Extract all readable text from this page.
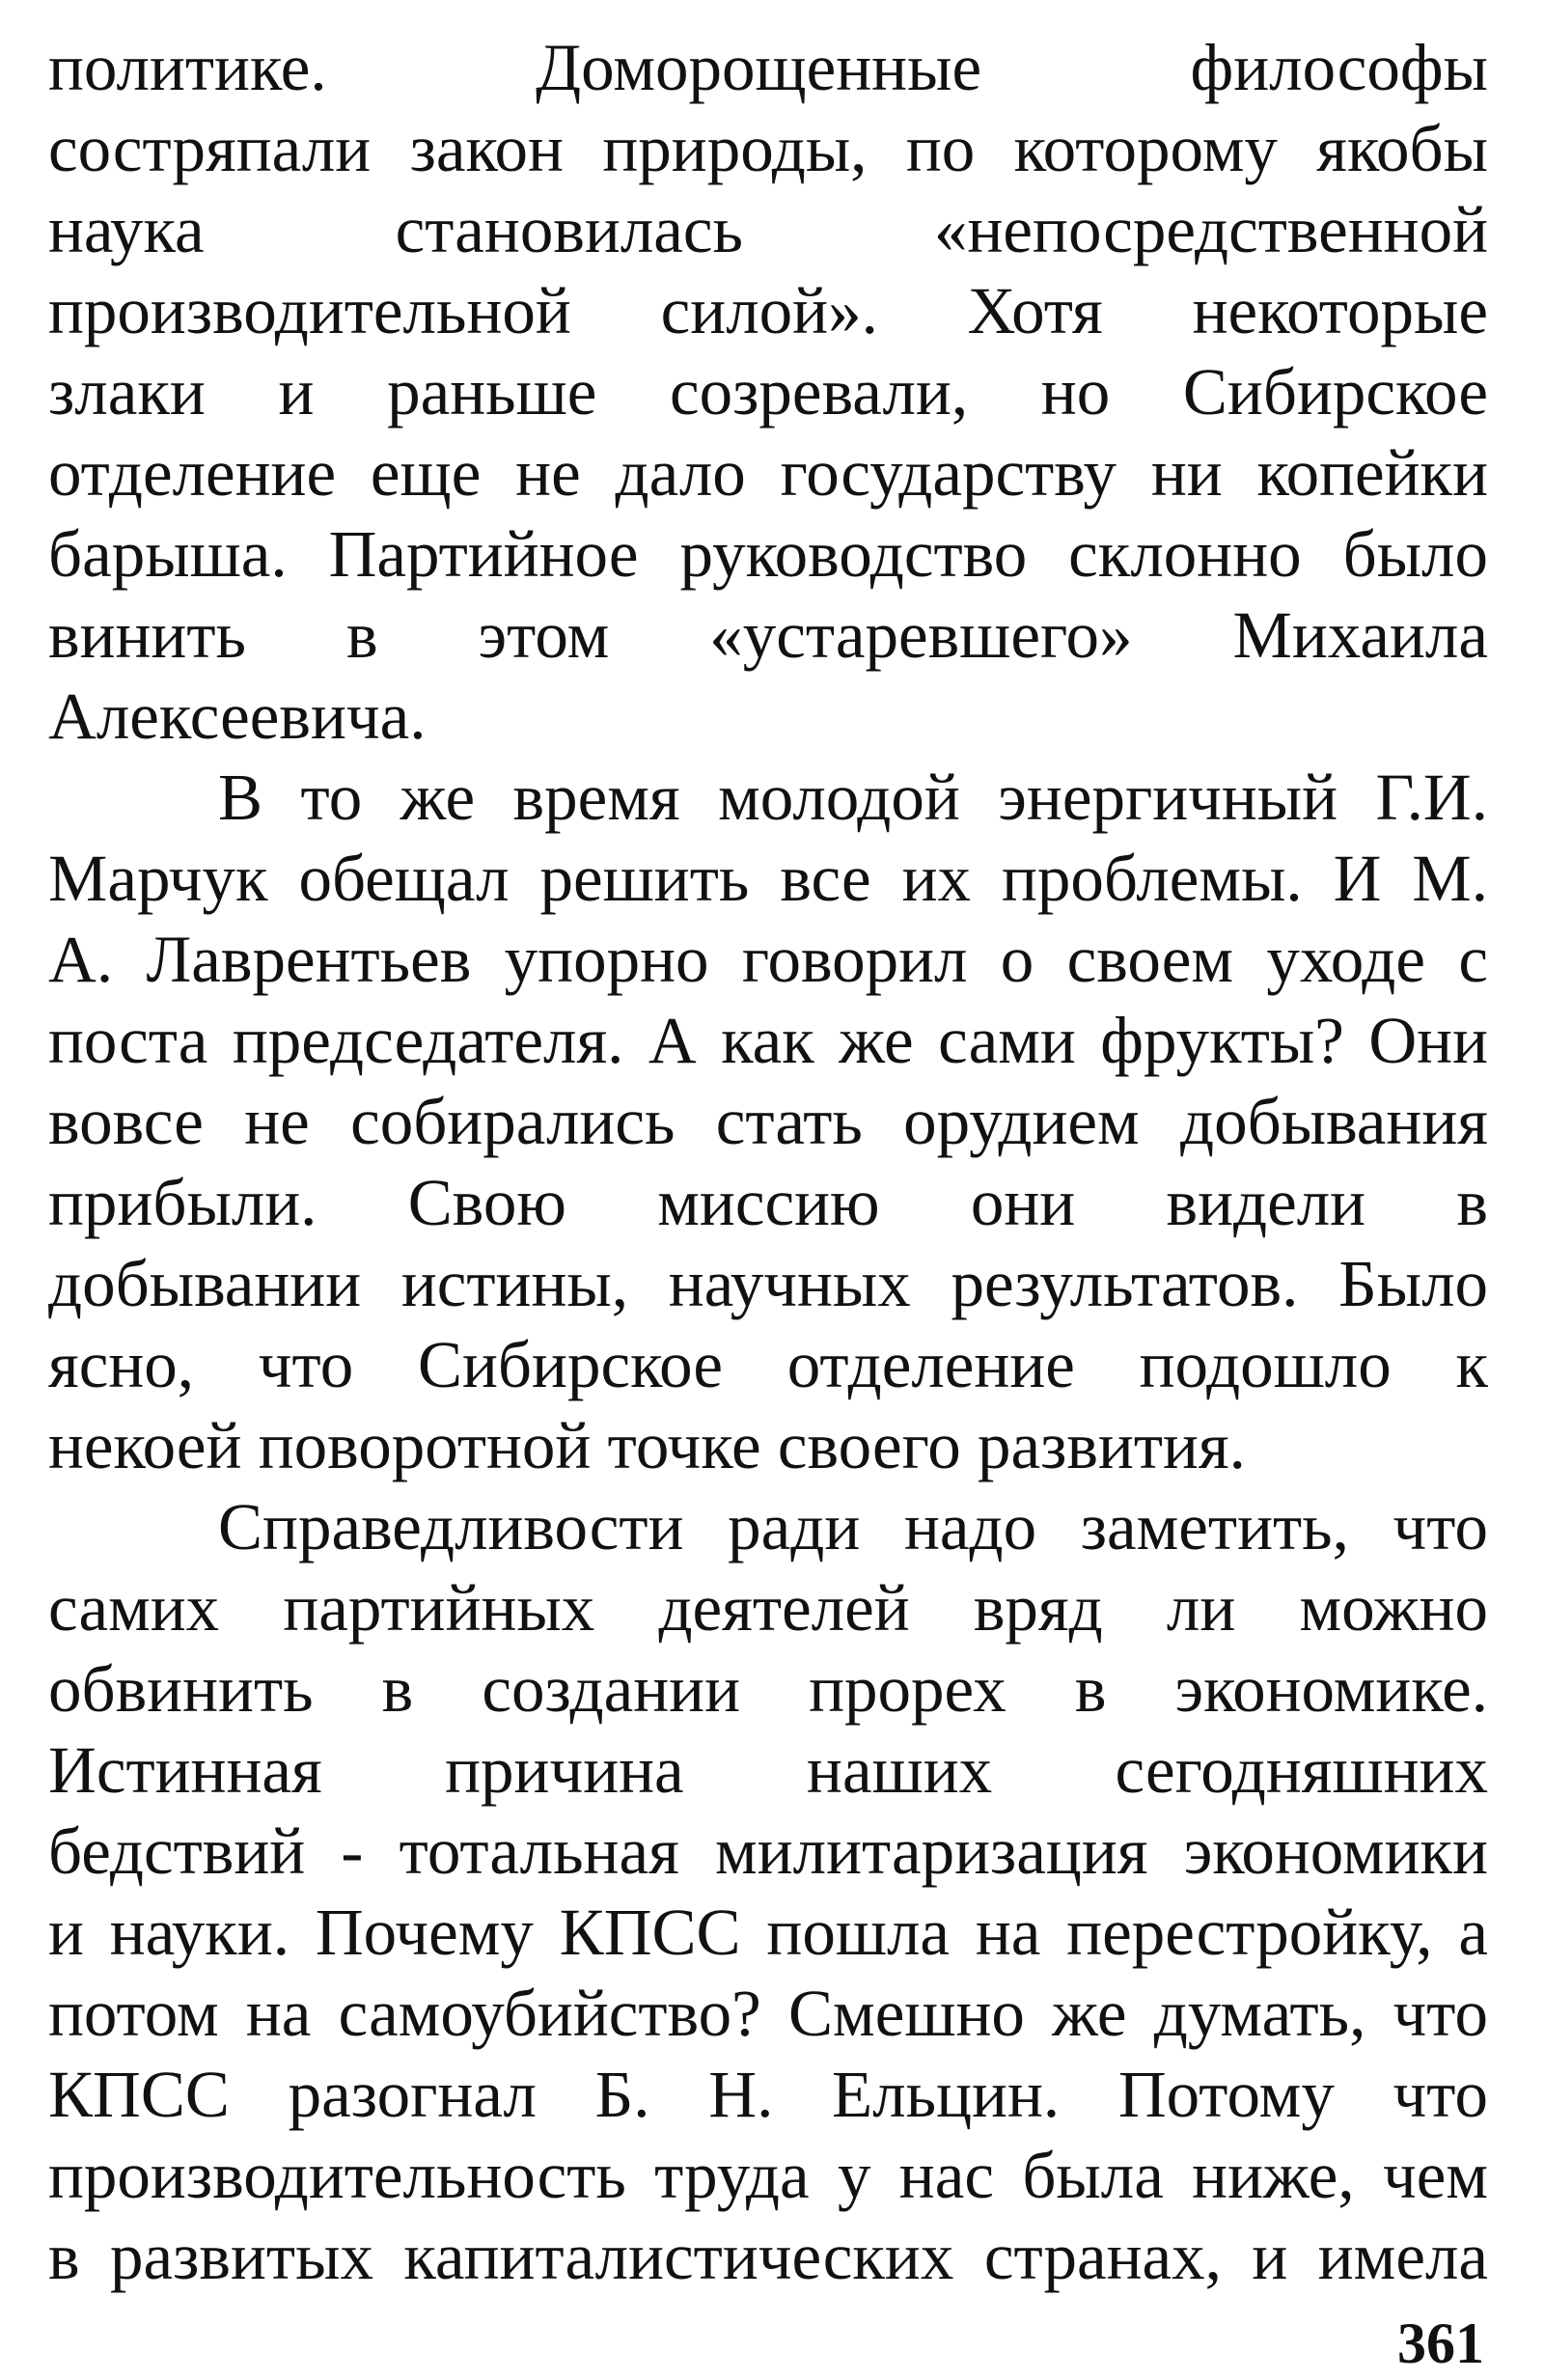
политике. Доморощенные философы
состряпали закон природы, по которому якобы
наука становилась «непосредственной
производительной силой». Хотя некоторые
злаки и раньше созревали, но Сибирское
отделение еще не дало государству ни копейки
барыша. Партийное руководство склонно было
винить в этом «устаревшего» Михаила
Алексеевича.
В то же время молодой энергичный Г.И.
Марчук обещал решить все их проблемы. И М.
А. Лаврентьев упорно говорил о своем уходе с
поста председателя. А как же сами фрукты? Они
вовсе не собирались стать орудием добывания
прибыли. Свою миссию они видели в
добывании истины, научных результатов. Было
ясно, что Сибирское отделение подошло к
некоей поворотной точке своего развития.
Справедливости ради надо заметить, что
самих партийных деятелей вряд ли можно
обвинить в создании прорех в экономике.
Истинная причина наших сегодняшних
бедствий - тотальная милитаризация экономики
и науки. Почему КПСС пошла на перестройку, а
потом на самоубийство? Смешно же думать, что
КПСС разогнал Б. Н. Ельцин. Потому что
производительность труда у нас была ниже, чем
в развитых капиталистических странах, и имела
361
